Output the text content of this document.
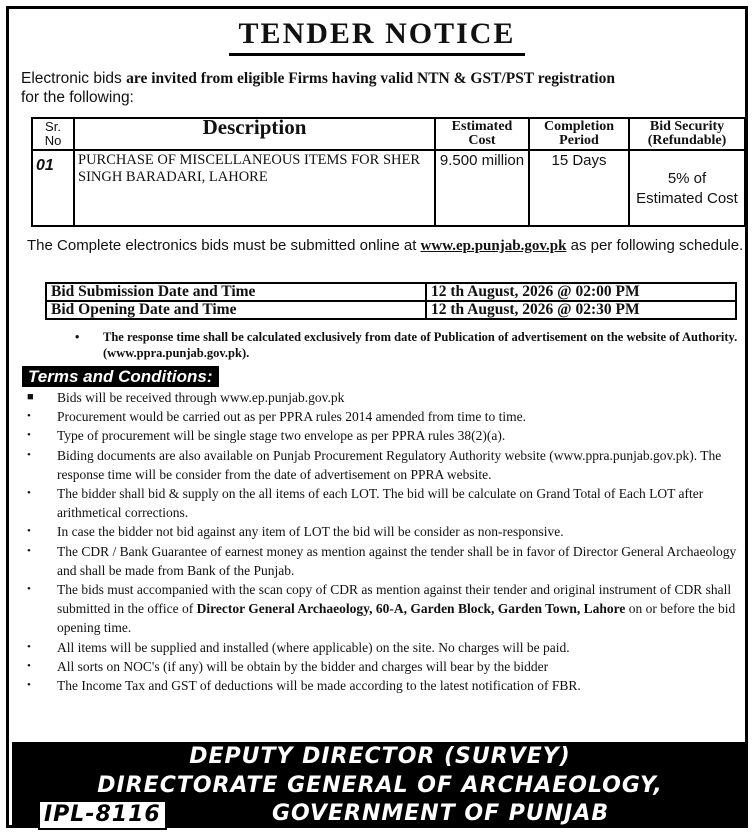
TENDER NOTICE
Electronic bids are invited from eligible Firms having valid NTN & GST/PST registration
for the following:
Sr. No	Description	Estimated Cost	Completion Period	Bid Security (Refundable)
01	PURCHASE OF MISCELLANEOUS ITEMS FOR SHER SINGH BARADARI, LAHORE	9.500 million	15 Days	5% of Estimated Cost
The Complete electronics bids must be submitted online at www.ep.punjab.gov.pk as per following schedule.
Bid Submission Date and Time	12 th August, 2026 @ 02:00 PM
Bid Opening Date and Time	12 th August, 2026 @ 02:30 PM
•	The response time shall be calculated exclusively from date of Publication of advertisement on the website of Authority. (www.ppra.punjab.gov.pk).
Terms and Conditions:
■ Bids will be received through www.ep.punjab.gov.pk
• Procurement would be carried out as per PPRA rules 2014 amended from time to time.
• Type of procurement will be single stage two envelope as per PPRA rules 38(2)(a).
• Biding documents are also available on Punjab Procurement Regulatory Authority website (www.ppra.punjab.gov.pk). The response time will be consider from the date of advertisement on PPRA website.
• The bidder shall bid & supply on the all items of each LOT. The bid will be calculate on Grand Total of Each LOT after arithmetical corrections.
• In case the bidder not bid against any item of LOT the bid will be consider as non-responsive.
• The CDR / Bank Guarantee of earnest money as mention against the tender shall be in favor of Director General Archaeology and shall be made from Bank of the Punjab.
• The bids must accompanied with the scan copy of CDR as mention against their tender and original instrument of CDR shall submitted in the office of Director General Archaeology, 60-A, Garden Block, Garden Town, Lahore on or before the bid opening time.
• All items will be supplied and installed (where applicable) on the site. No charges will be paid.
• All sorts on NOC's (if any) will be obtain by the bidder and charges will bear by the bidder
• The Income Tax and GST of deductions will be made according to the latest notification of FBR.
DEPUTY DIRECTOR (SURVEY)
DIRECTORATE GENERAL OF ARCHAEOLOGY,
IPL-8116	GOVERNMENT OF PUNJAB
